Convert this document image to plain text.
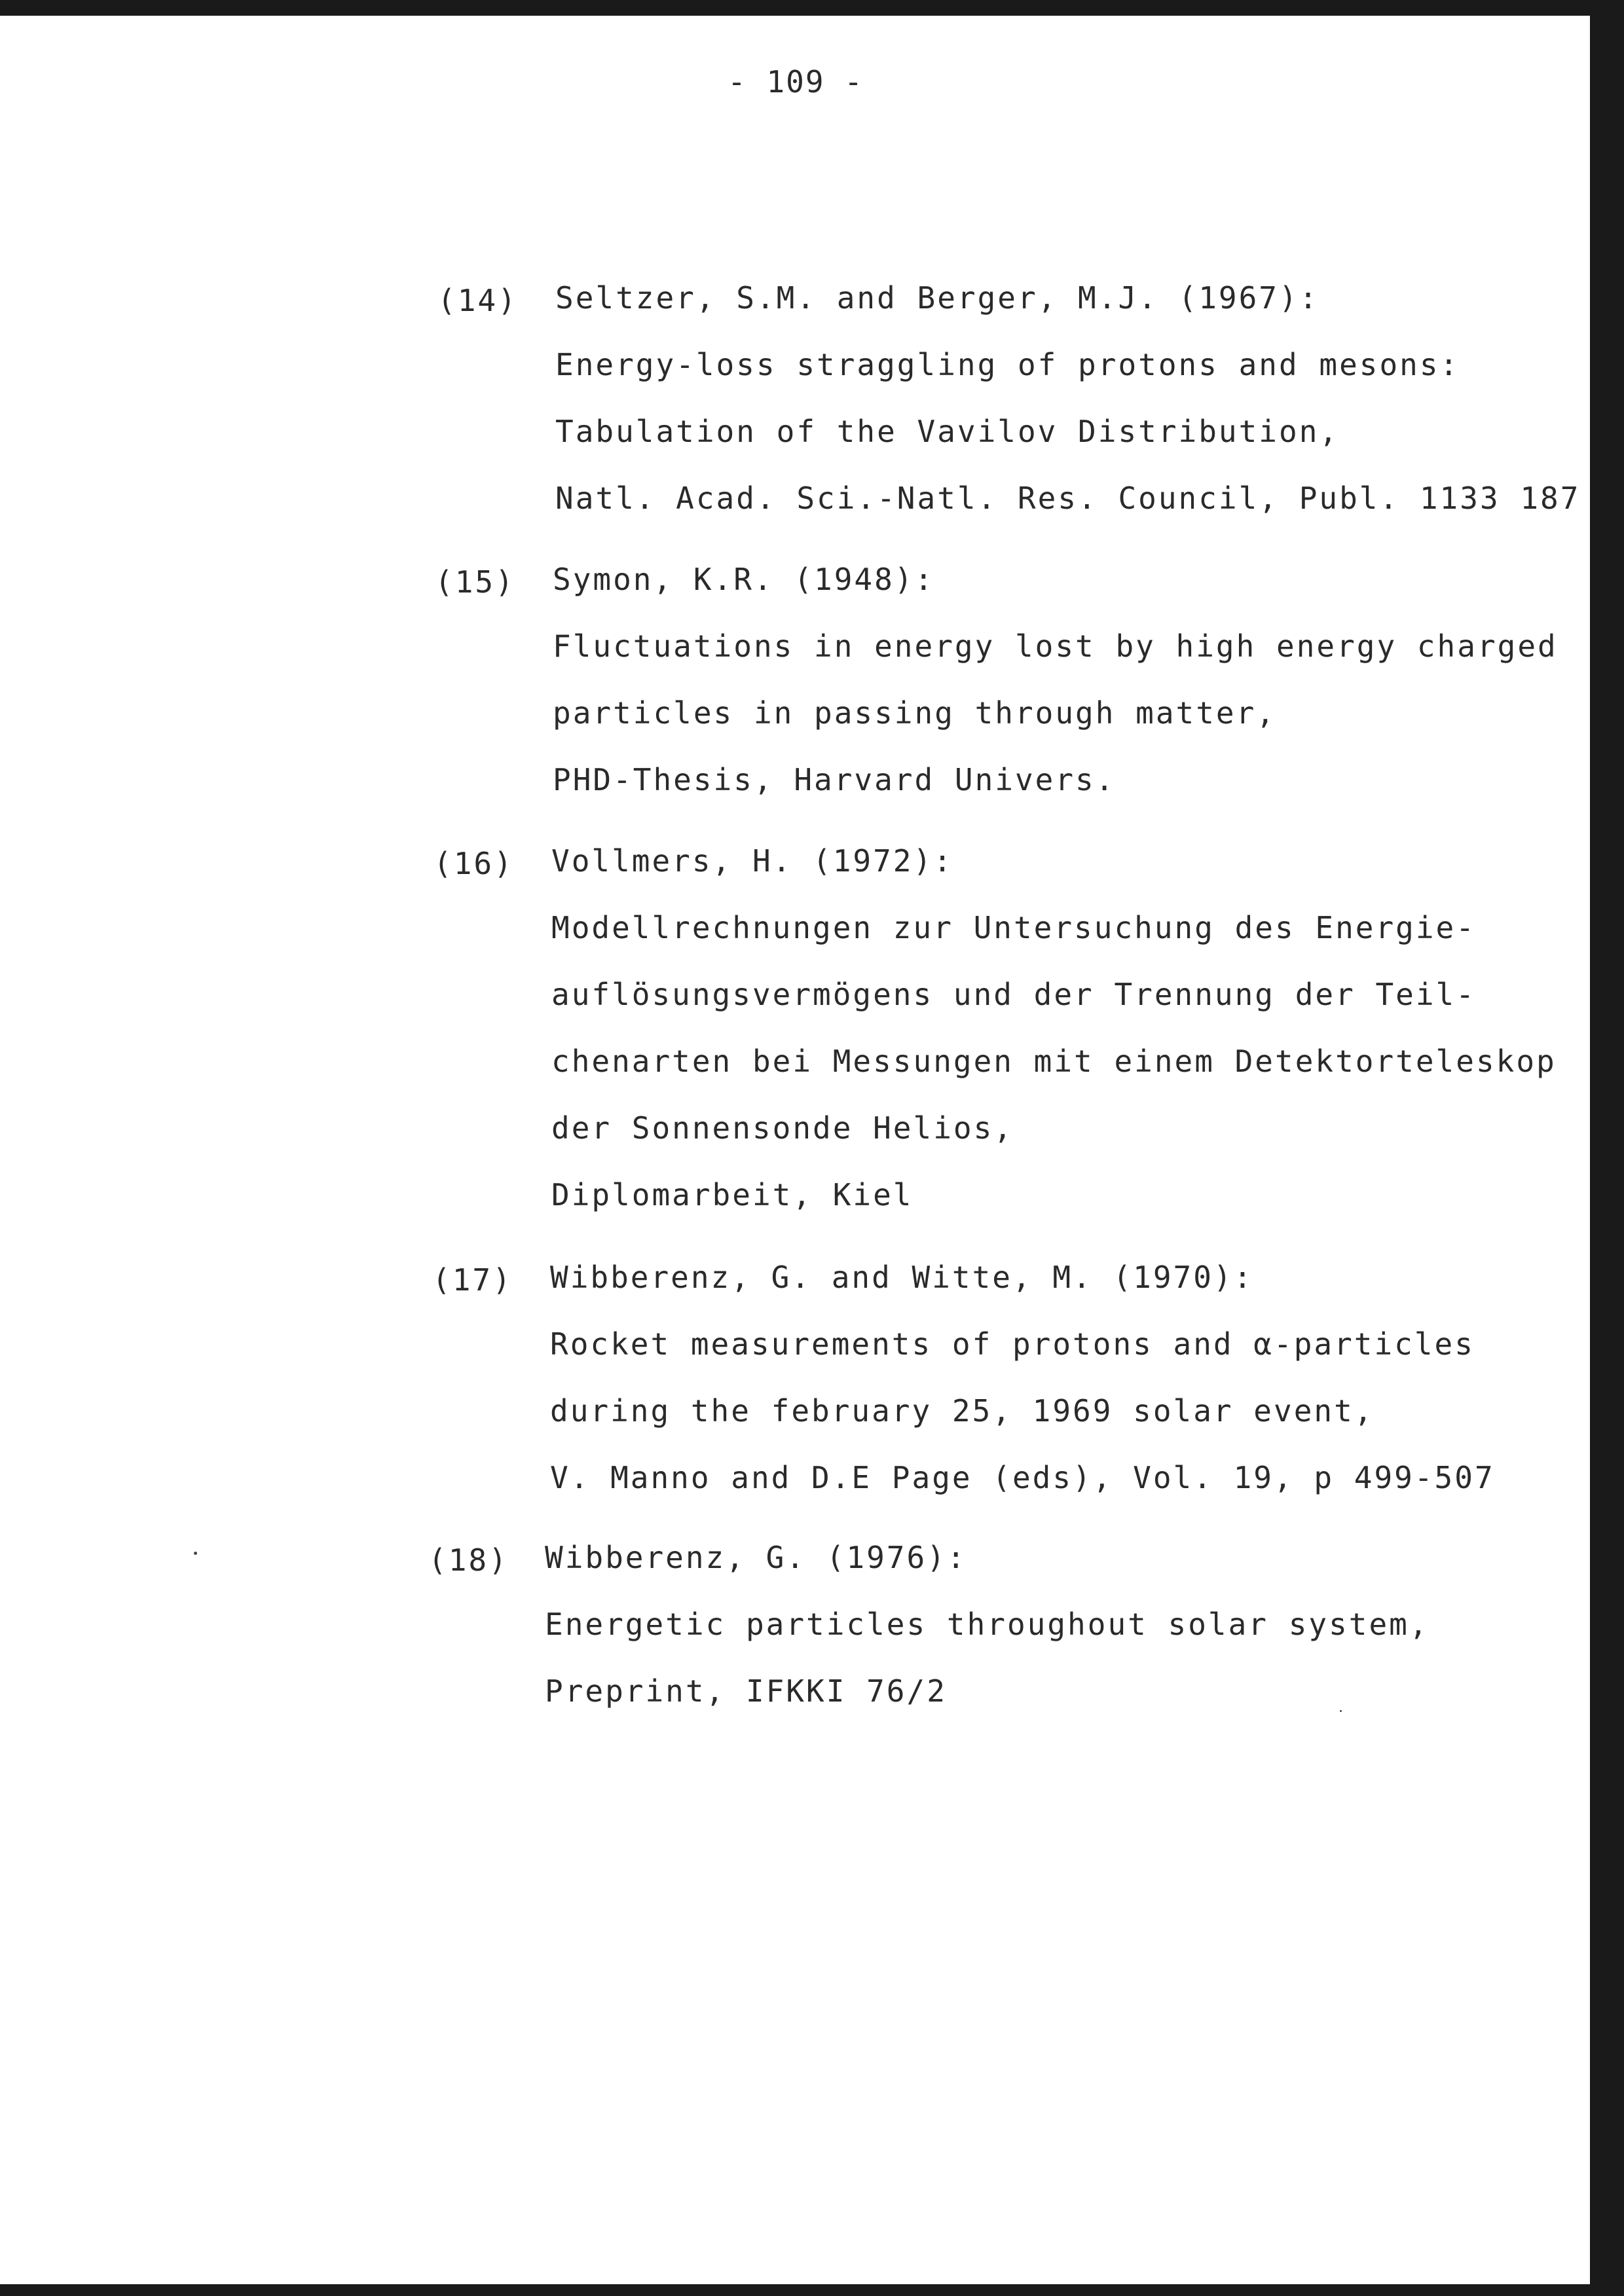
- 109 -
(14) Seltzer, S.M. and Berger, M.J. (1967):
Energy-loss straggling of protons and mesons:
Tabulation of the Vavilov Distribution,
Natl. Acad. Sci.-Natl. Res. Council, Publ. 1133 187
(15) Symon, K.R. (1948):
Fluctuations in energy lost by high energy charged
particles in passing through matter,
PHD-Thesis, Harvard Univers.
(16) Vollmers, H. (1972):
Modellrechnungen zur Untersuchung des Energie-
auflösungsvermögens und der Trennung der Teil-
chenarten bei Messungen mit einem Detektorteleskop
der Sonnensonde Helios,
Diplomarbeit, Kiel
(17) Wibberenz, G. and Witte, M. (1970):
Rocket measurements of protons and α-particles
during the february 25, 1969 solar event,
V. Manno and D.E Page (eds), Vol. 19, p 499-507
(18) Wibberenz, G. (1976):
Energetic particles throughout solar system,
Preprint, IFKKI 76/2
